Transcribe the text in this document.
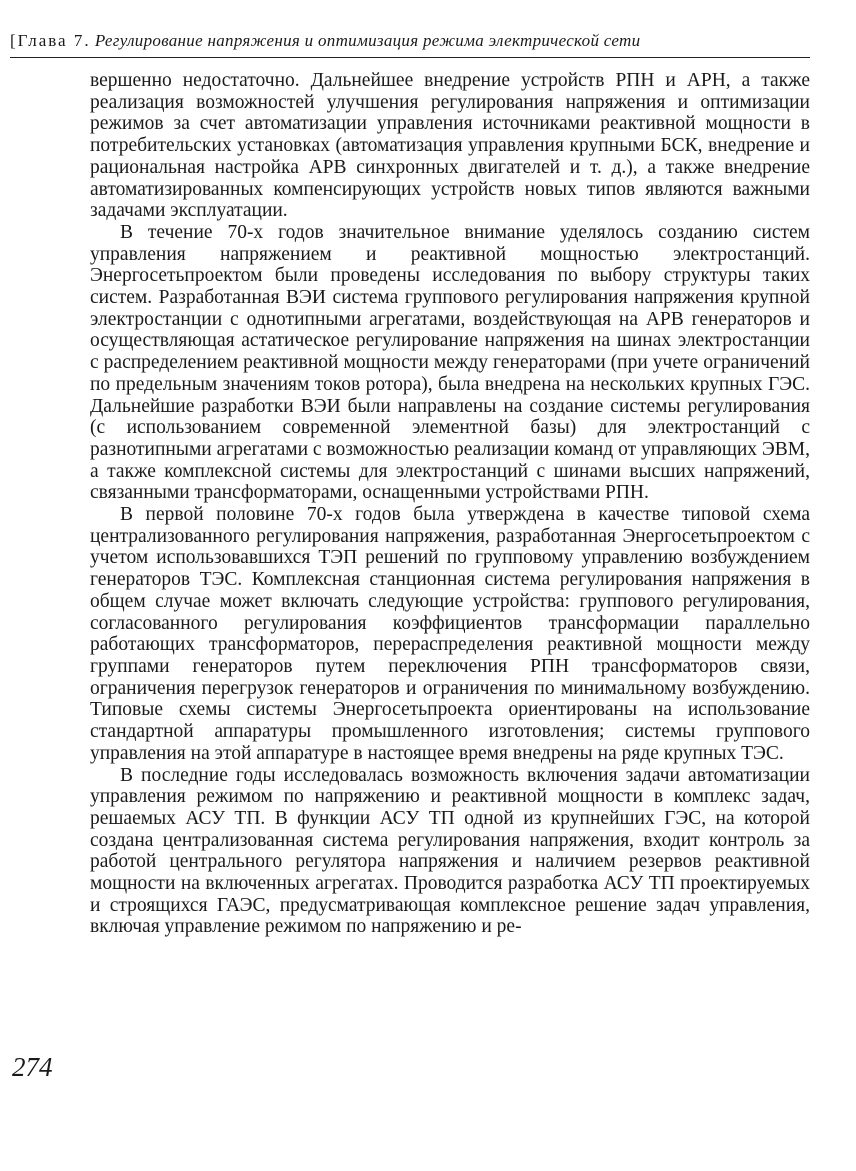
[Глава 7. Регулирование напряжения и оптимизация режима электрической сети

вершенно недостаточно. Дальнейшее внедрение устройств РПН и АРН, а также реализация возможностей улучшения регулирования напряжения и оптимизации режимов за счет автоматизации управления источниками реактивной мощности в потребительских установках (автоматизация управления крупными БСК, внедрение и рациональная настройка АРВ синхронных двигателей и т. д.), а также внедрение автоматизированных компенсирующих устройств новых типов являются важными задачами эксплуатации.

В течение 70-х годов значительное внимание уделялось созданию систем управления напряжением и реактивной мощностью электростанций. Энергосетьпроектом были проведены исследования по выбору структуры таких систем. Разработанная ВЭИ система группового регулирования напряжения крупной электростанции с однотипными агрегатами, воздействующая на АРВ генераторов и осуществляющая астатическое регулирование напряжения на шинах электростанции с распределением реактивной мощности между генераторами (при учете ограничений по предельным значениям токов ротора), была внедрена на нескольких крупных ГЭС. Дальнейшие разработки ВЭИ были направлены на создание системы регулирования (с использованием современной элементной базы) для электростанций с разнотипными агрегатами с возможностью реализации команд от управляющих ЭВМ, а также комплексной системы для электростанций с шинами высших напряжений, связанными трансформаторами, оснащенными устройствами РПН.

В первой половине 70-х годов была утверждена в качестве типовой схема централизованного регулирования напряжения, разработанная Энергосетьпроектом с учетом использовавшихся ТЭП решений по групповому управлению возбуждением генераторов ТЭС. Комплексная станционная система регулирования напряжения в общем случае может включать следующие устройства: группового регулирования, согласованного регулирования коэффициентов трансформации параллельно работающих трансформаторов, перераспределения реактивной мощности между группами генераторов путем переключения РПН трансформаторов связи, ограничения перегрузок генераторов и ограничения по минимальному возбуждению. Типовые схемы системы Энергосетьпроекта ориентированы на использование стандартной аппаратуры промышленного изготовления; системы группового управления на этой аппаратуре в настоящее время внедрены на ряде крупных ТЭС.

В последние годы исследовалась возможность включения задачи автоматизации управления режимом по напряжению и реактивной мощности в комплекс задач, решаемых АСУ ТП. В функции АСУ ТП одной из крупнейших ГЭС, на которой создана централизованная система регулирования напряжения, входит контроль за работой центрального регулятора напряжения и наличием резервов реактивной мощности на включенных агрегатах. Проводится разработка АСУ ТП проектируемых и строящихся ГАЭС, предусматривающая комплексное решение задач управления, включая управление режимом по напряжению и ре-

274
